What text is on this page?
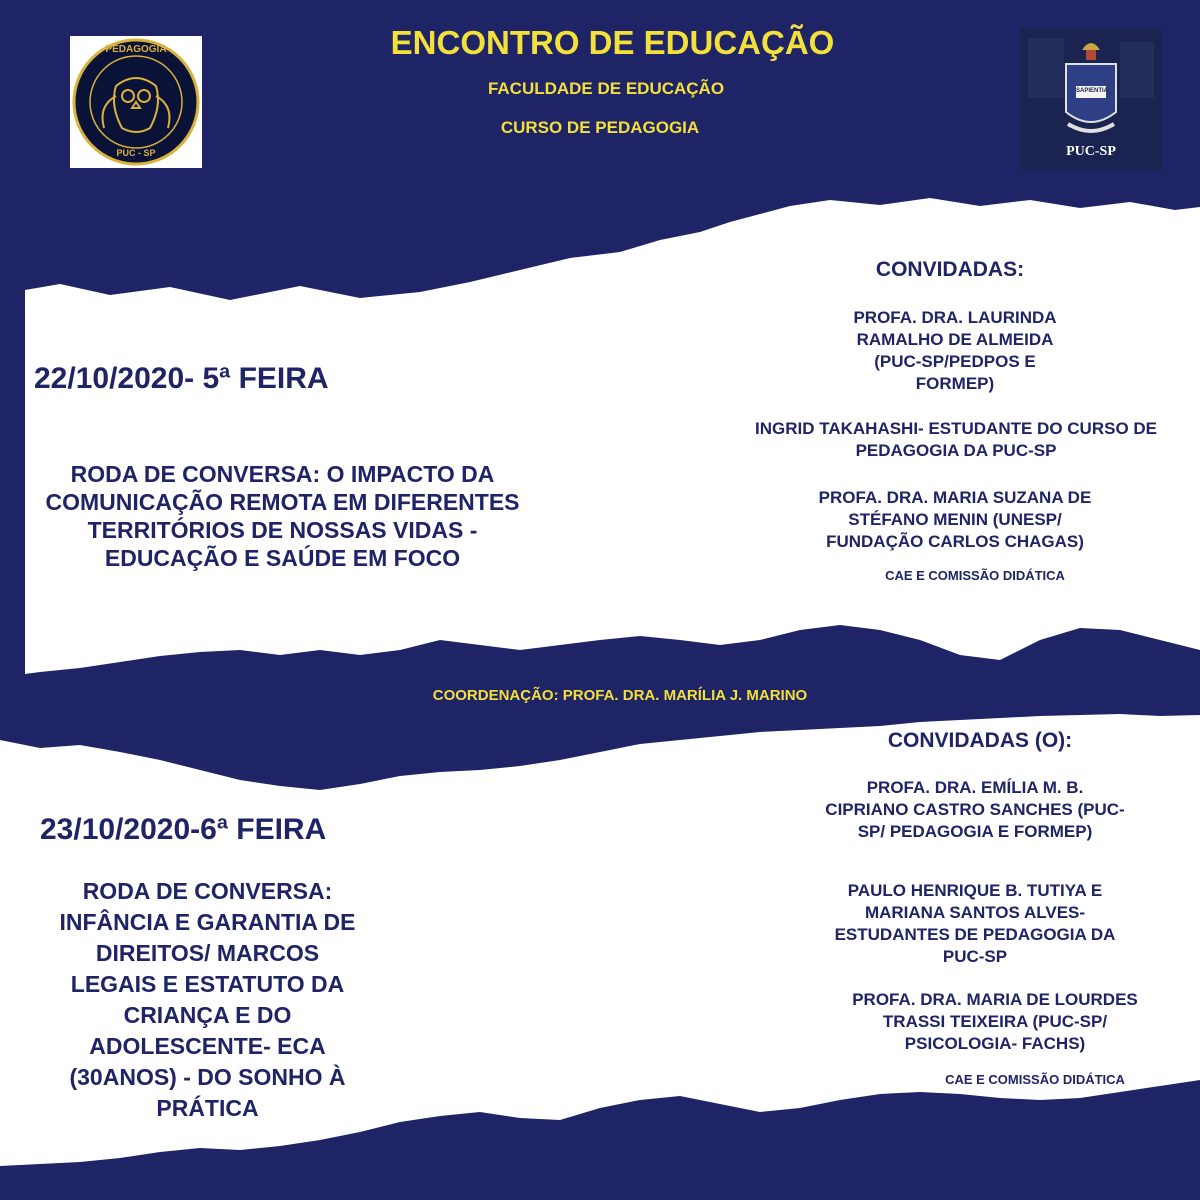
PEDAGOGIA
PUC - SP
SAPIENTIA
PUC-SP
ENCONTRO DE EDUCAÇÃO
FACULDADE DE EDUCAÇÃO
CURSO DE PEDAGOGIA
22/10/2020- 5ª FEIRA
RODA DE CONVERSA: O IMPACTO DA
COMUNICAÇÃO REMOTA EM DIFERENTES
TERRITÓRIOS DE NOSSAS VIDAS -
EDUCAÇÃO E SAÚDE EM FOCO
CONVIDADAS:
PROFA. DRA. LAURINDA
RAMALHO DE ALMEIDA
(PUC-SP/PEDPOS E
FORMEP)
INGRID TAKAHASHI- ESTUDANTE DO CURSO DE
PEDAGOGIA DA PUC-SP
PROFA. DRA. MARIA SUZANA DE
STÉFANO MENIN (UNESP/
FUNDAÇÃO CARLOS CHAGAS)
CAE E COMISSÃO DIDÁTICA
COORDENAÇÃO: PROFA. DRA. MARÍLIA J. MARINO
CONVIDADAS (O):
23/10/2020-6ª FEIRA
RODA DE CONVERSA:
INFÂNCIA E GARANTIA DE
DIREITOS/ MARCOS
LEGAIS E ESTATUTO DA
CRIANÇA E DO
ADOLESCENTE- ECA
(30ANOS) - DO SONHO À
PRÁTICA
PROFA. DRA. EMÍLIA M. B.
CIPRIANO CASTRO SANCHES (PUC-
SP/ PEDAGOGIA E FORMEP)
PAULO HENRIQUE B. TUTIYA E
MARIANA SANTOS ALVES-
ESTUDANTES DE PEDAGOGIA DA
PUC-SP
PROFA. DRA. MARIA DE LOURDES
TRASSI TEIXEIRA (PUC-SP/
PSICOLOGIA- FACHS)
CAE E COMISSÃO DIDÁTICA
